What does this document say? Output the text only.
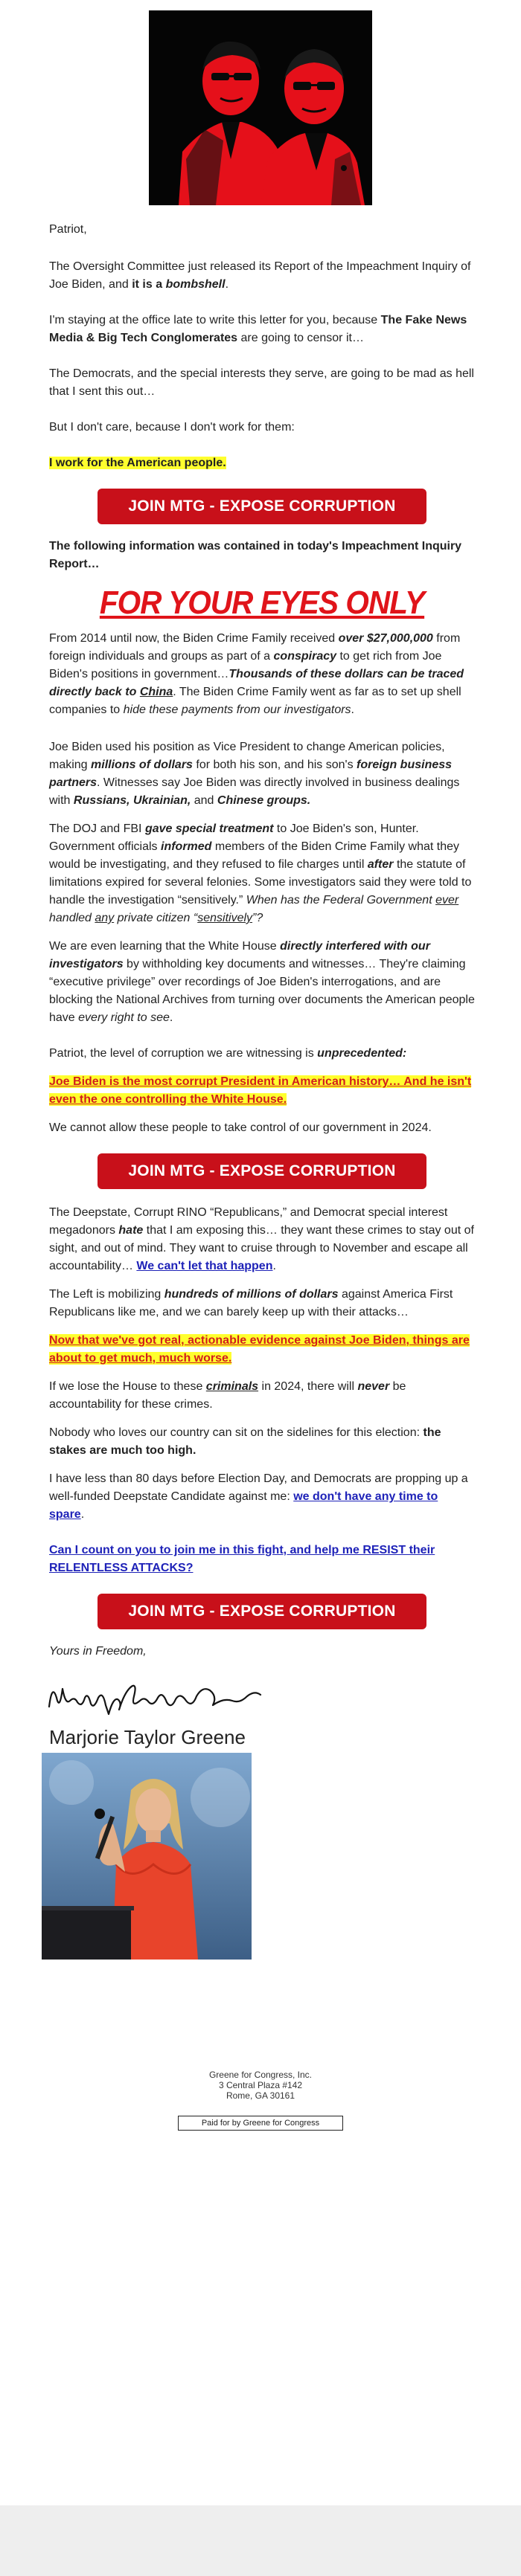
Patriot,

The Oversight Committee just released its Report of the Impeachment Inquiry of Joe Biden, and it is a bombshell.

I'm staying at the office late to write this letter for you, because The Fake News Media & Big Tech Conglomerates are going to censor it…

The Democrats, and the special interests they serve, are going to be mad as hell that I sent this out…

But I don't care, because I don't work for them:

I work for the American people.

JOIN MTG - EXPOSE CORRUPTION

The following information was contained in today's Impeachment Inquiry Report…

FOR YOUR EYES ONLY

From 2014 until now, the Biden Crime Family received over $27,000,000 from foreign individuals and groups as part of a conspiracy to get rich from Joe Biden's positions in government…Thousands of these dollars can be traced directly back to China. The Biden Crime Family went as far as to set up shell companies to hide these payments from our investigators.

Joe Biden used his position as Vice President to change American policies, making millions of dollars for both his son, and his son's foreign business partners. Witnesses say Joe Biden was directly involved in business dealings with Russians, Ukrainian, and Chinese groups.

The DOJ and FBI gave special treatment to Joe Biden's son, Hunter. Government officials informed members of the Biden Crime Family what they would be investigating, and they refused to file charges until after the statute of limitations expired for several felonies. Some investigators said they were told to handle the investigation “sensitively.” When has the Federal Government ever handled any private citizen “sensitively”?

We are even learning that the White House directly interfered with our investigators by withholding key documents and witnesses… They're claiming “executive privilege” over recordings of Joe Biden's interrogations, and are blocking the National Archives from turning over documents the American people have every right to see.

Patriot, the level of corruption we are witnessing is unprecedented:

Joe Biden is the most corrupt President in American history… And he isn't even the one controlling the White House.

We cannot allow these people to take control of our government in 2024.

JOIN MTG - EXPOSE CORRUPTION

The Deepstate, Corrupt RINO “Republicans,” and Democrat special interest megadonors hate that I am exposing this… they want these crimes to stay out of sight, and out of mind. They want to cruise through to November and escape all accountability… We can't let that happen.

The Left is mobilizing hundreds of millions of dollars against America First Republicans like me, and we can barely keep up with their attacks…

Now that we've got real, actionable evidence against Joe Biden, things are about to get much, much worse.

If we lose the House to these criminals in 2024, there will never be accountability for these crimes.

Nobody who loves our country can sit on the sidelines for this election: the stakes are much too high.

I have less than 80 days before Election Day, and Democrats are propping up a well-funded Deepstate Candidate against me: we don't have any time to spare.

Can I count on you to join me in this fight, and help me RESIST their RELENTLESS ATTACKS?

JOIN MTG - EXPOSE CORRUPTION

Yours in Freedom,

Marjorie Taylor Greene

Greene for Congress, Inc.

3 Central Plaza #142

Rome, GA 30161

Paid for by Greene for Congress
